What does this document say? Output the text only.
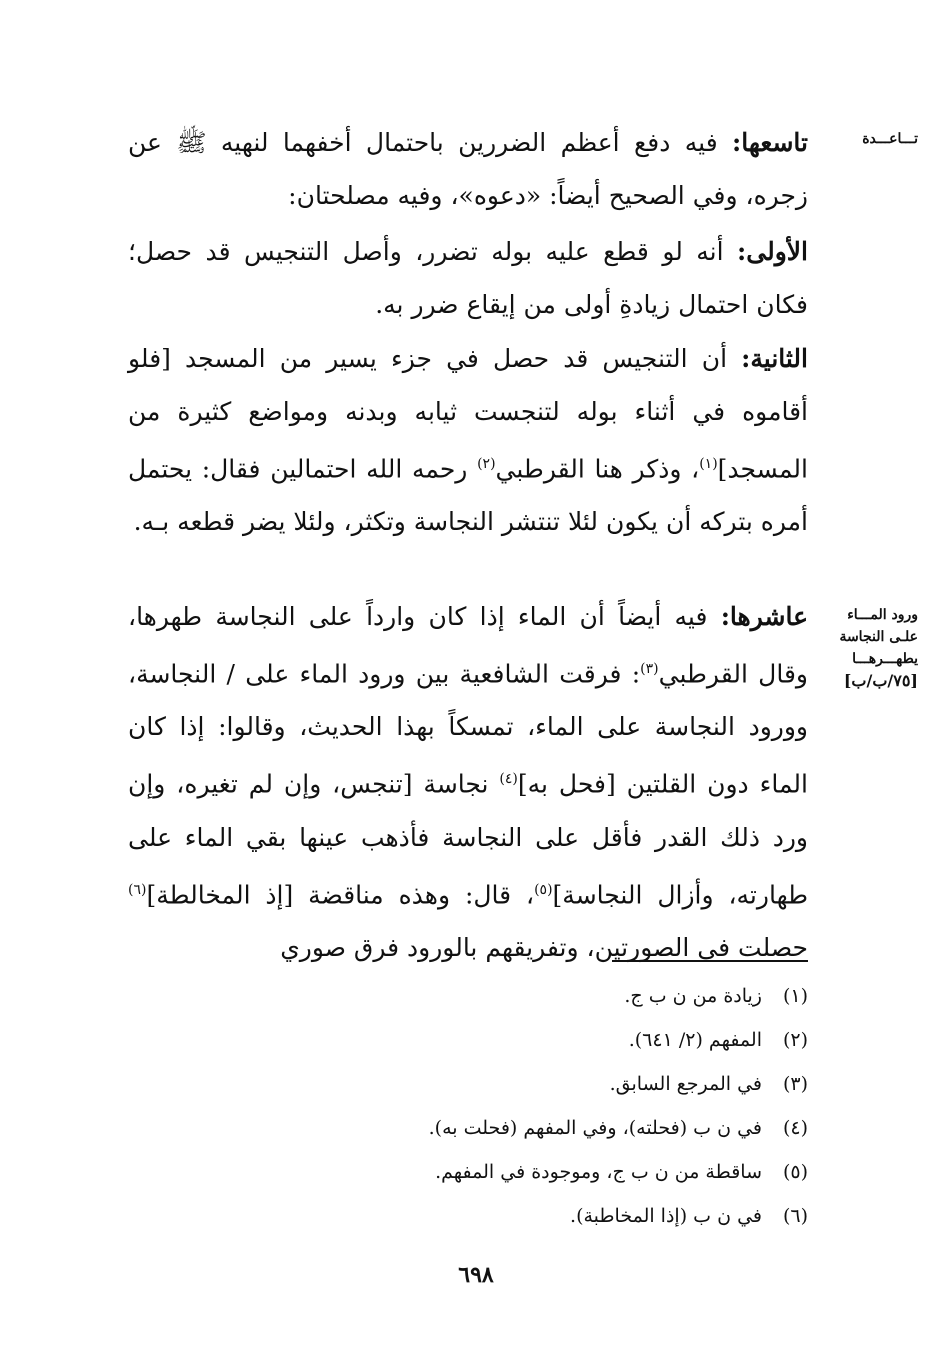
تـــاعـــدة

تاسعها: فيه دفع أعظم الضررين باحتمال أخفهما لنهيه ﷺ عن زجره، وفي الصحيح أيضاً: «دعوه»، وفيه مصلحتان:

الأولى: أنه لو قطع عليه بوله تضرر، وأصل التنجيس قد حصل؛ فكان احتمال زيادةِ أولى من إيقاع ضرر به.

الثانية: أن التنجيس قد حصل في جزء يسير من المسجد [فلو أقاموه في أثناء بوله لتنجست ثيابه وبدنه ومواضع كثيرة من المسجد]$^{(١)}$، وذكر هنا القرطبي$^{(٢)}$ رحمه الله احتمالين فقال: يحتمل أمره بتركه أن يكون لئلا تنتشر النجاسة وتكثر، ولئلا يضر قطعه بـه.

ورود المـــاء
علـى النجاسة
يطهـــرهـــا
[٧٥/ب/ب]

عاشرها: فيه أيضاً أن الماء إذا كان وارداً على النجاسة طهرها، وقال القرطبي$^{(٣)}$: فرقت الشافعية بين ورود الماء على / النجاسة، وورود النجاسة على الماء، تمسكاً بهذا الحديث، وقالوا: إذا كان الماء دون القلتين [فحل به]$^{(٤)}$ نجاسة [تنجس، وإن لم تغيره، وإن ورد ذلك القدر فأقل على النجاسة فأذهب عينها بقي الماء على طهارته، وأزال النجاسة]$^{(٥)}$، قال: وهذه مناقضة [إذ المخالطة]$^{(٦)}$ حصلت في الصورتين، وتفريقهم بالورود فرق صوري

(١)زيادة من ن ب ج.
(٢)المفهم (٢/ ٦٤١).
(٣)في المرجع السابق.
(٤)في ن ب (فحلته)، وفي المفهم (فحلت به).
(٥)ساقطة من ن ب ج، وموجودة في المفهم.
(٦)في ن ب (إذا المخاطبة).
٦٩٨
